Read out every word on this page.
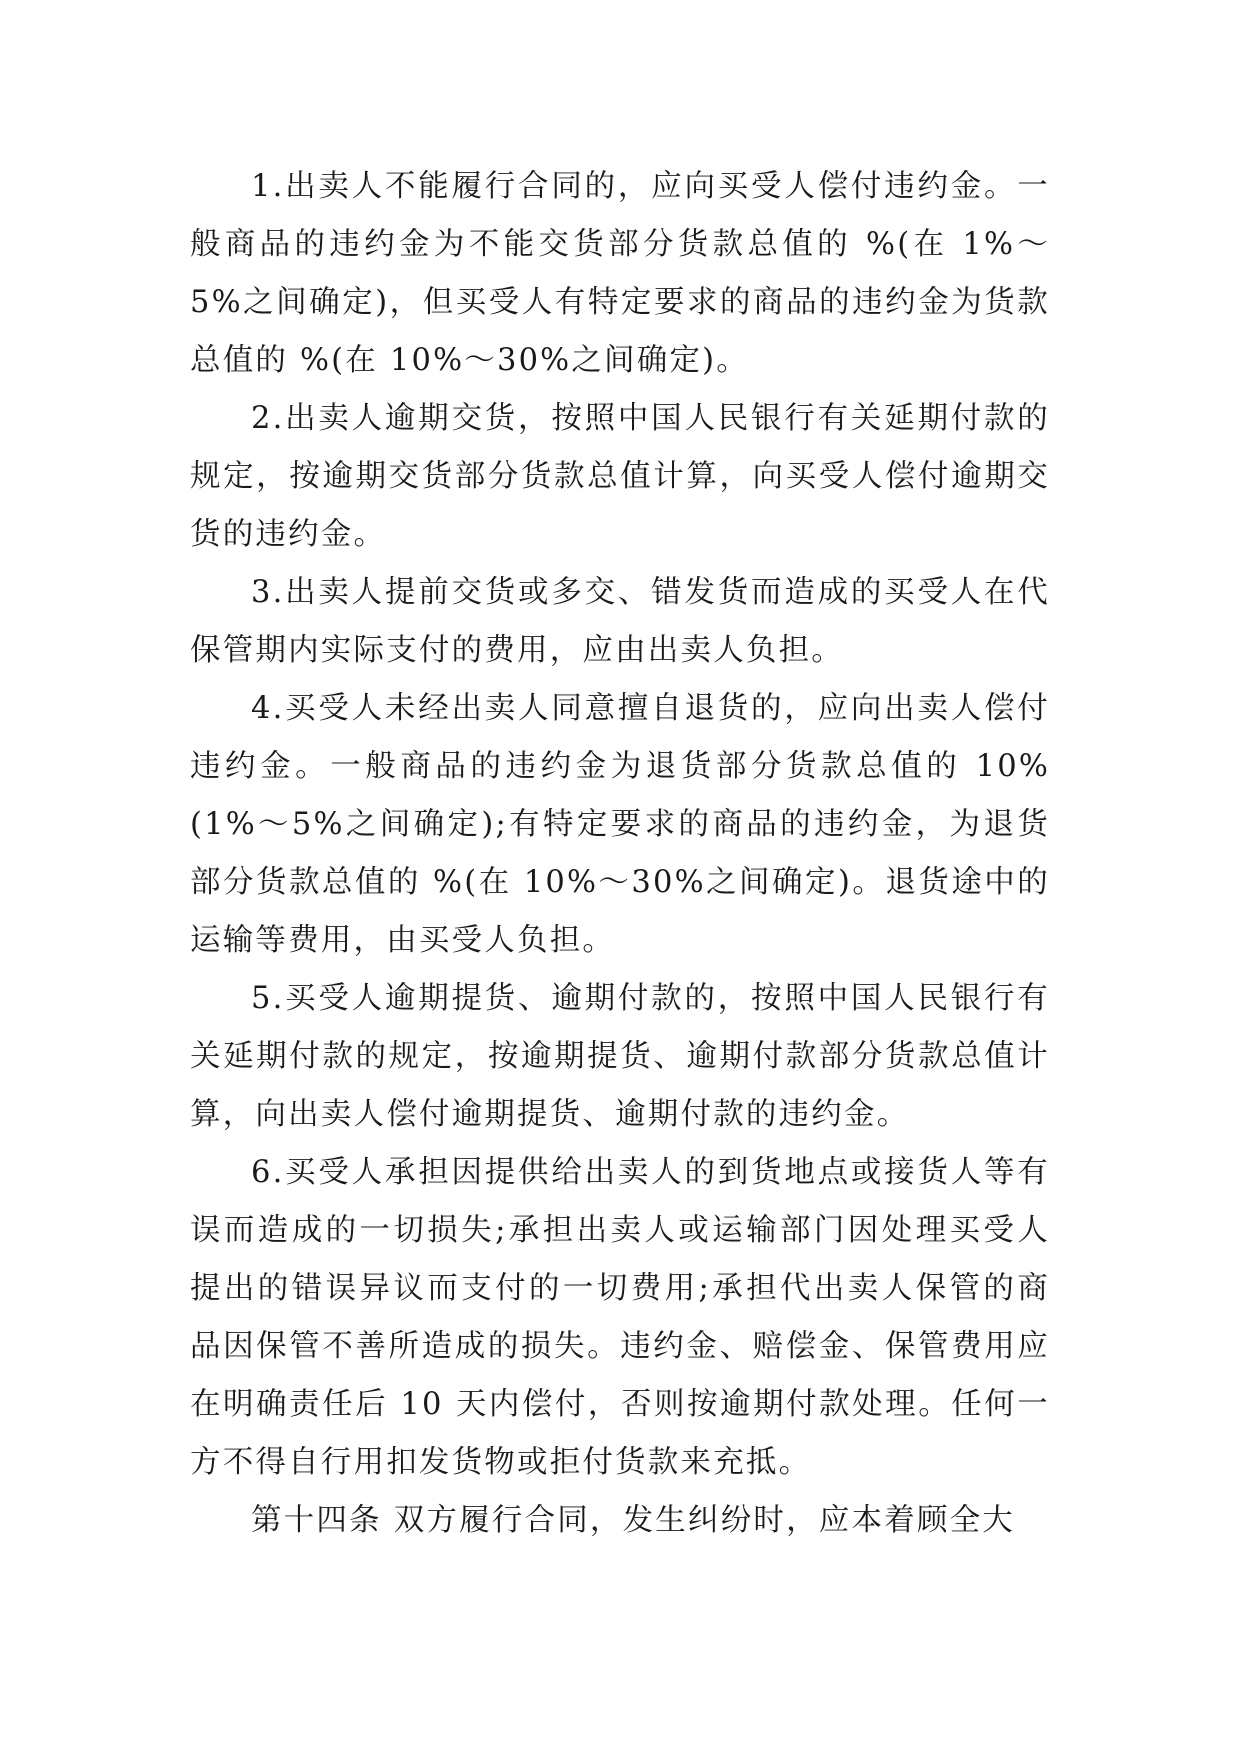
1.出卖人不能履行合同的，应向买受人偿付违约金。一般商品的违约金为不能交货部分货款总值的 %(在 1%～5%之间确定)，但买受人有特定要求的商品的违约金为货款总值的 %(在 10%～30%之间确定)。

2.出卖人逾期交货，按照中国人民银行有关延期付款的规定，按逾期交货部分货款总值计算，向买受人偿付逾期交货的违约金。

3.出卖人提前交货或多交、错发货而造成的买受人在代保管期内实际支付的费用，应由出卖人负担。

4.买受人未经出卖人同意擅自退货的，应向出卖人偿付违约金。一般商品的违约金为退货部分货款总值的 10%(1%～5%之间确定);有特定要求的商品的违约金，为退货部分货款总值的 %(在 10%～30%之间确定)。退货途中的运输等费用，由买受人负担。

5.买受人逾期提货、逾期付款的，按照中国人民银行有关延期付款的规定，按逾期提货、逾期付款部分货款总值计算，向出卖人偿付逾期提货、逾期付款的违约金。

6.买受人承担因提供给出卖人的到货地点或接货人等有误而造成的一切损失;承担出卖人或运输部门因处理买受人提出的错误异议而支付的一切费用;承担代出卖人保管的商品因保管不善所造成的损失。违约金、赔偿金、保管费用应在明确责任后 10 天内偿付，否则按逾期付款处理。任何一方不得自行用扣发货物或拒付货款来充抵。

第十四条 双方履行合同，发生纠纷时，应本着顾全大
